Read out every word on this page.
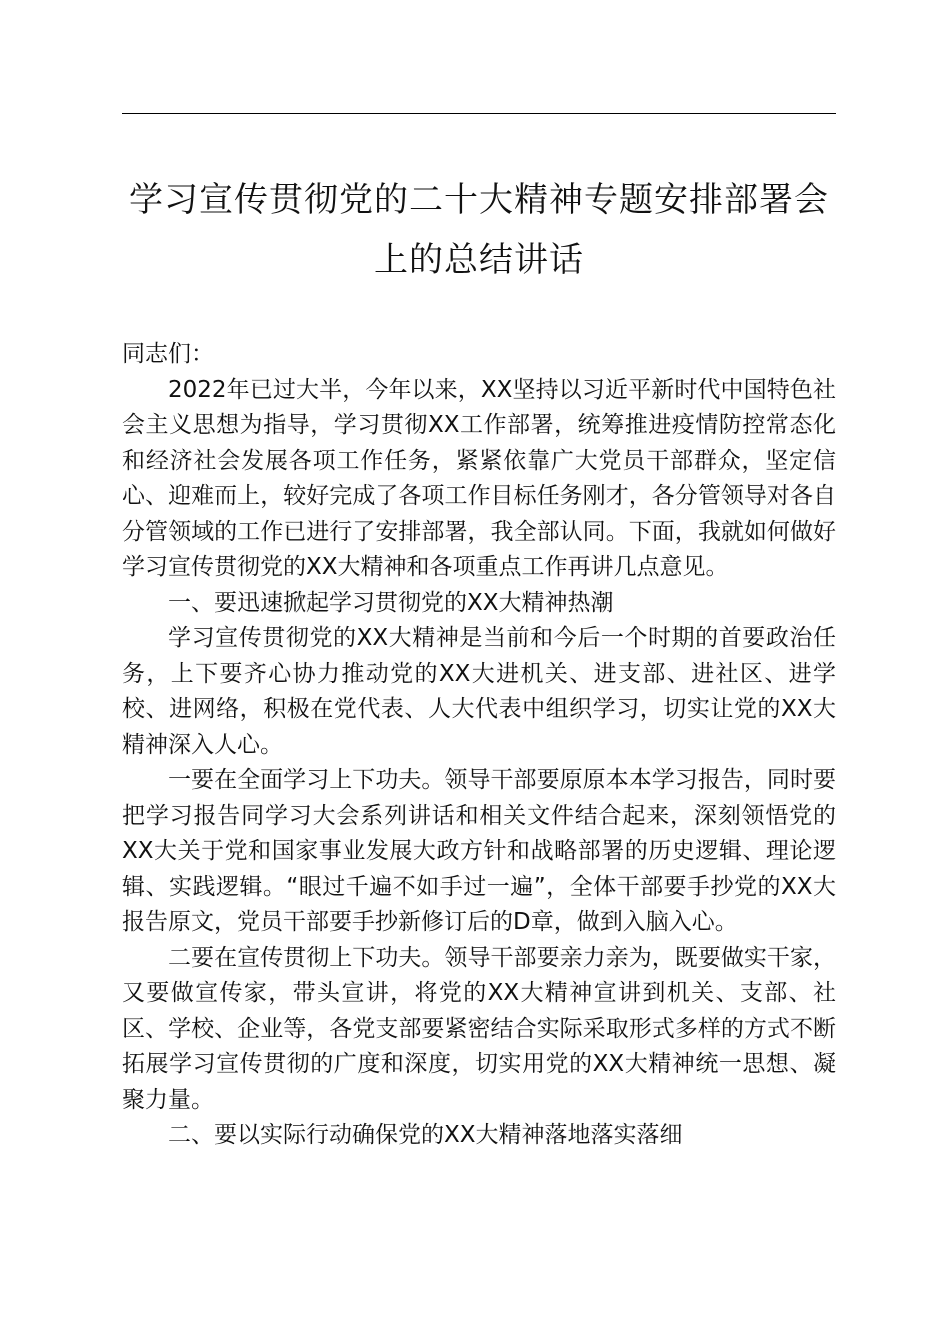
学习宣传贯彻党的二十大精神专题安排部署会
上的总结讲话

同志们：

2022年已过大半，今年以来，XX坚持以习近平新时代中国特色社会主义思想为指导，学习贯彻XX工作部署，统筹推进疫情防控常态化和经济社会发展各项工作任务，紧紧依靠广大党员干部群众，坚定信心、迎难而上，较好完成了各项工作目标任务刚才，各分管领导对各自分管领域的工作已进行了安排部署，我全部认同。下面，我就如何做好学习宣传贯彻党的XX大精神和各项重点工作再讲几点意见。

一、要迅速掀起学习贯彻党的XX大精神热潮

学习宣传贯彻党的XX大精神是当前和今后一个时期的首要政治任务，上下要齐心协力推动党的XX大进机关、进支部、进社区、进学校、进网络，积极在党代表、人大代表中组织学习，切实让党的XX大精神深入人心。

一要在全面学习上下功夫。领导干部要原原本本学习报告，同时要把学习报告同学习大会系列讲话和相关文件结合起来，深刻领悟党的XX大关于党和国家事业发展大政方针和战略部署的历史逻辑、理论逻辑、实践逻辑。“眼过千遍不如手过一遍”，全体干部要手抄党的XX大报告原文，党员干部要手抄新修订后的D章，做到入脑入心。

二要在宣传贯彻上下功夫。领导干部要亲力亲为，既要做实干家，又要做宣传家，带头宣讲，将党的XX大精神宣讲到机关、支部、社区、学校、企业等，各党支部要紧密结合实际采取形式多样的方式不断拓展学习宣传贯彻的广度和深度，切实用党的XX大精神统一思想、凝聚力量。

二、要以实际行动确保党的XX大精神落地落实落细
